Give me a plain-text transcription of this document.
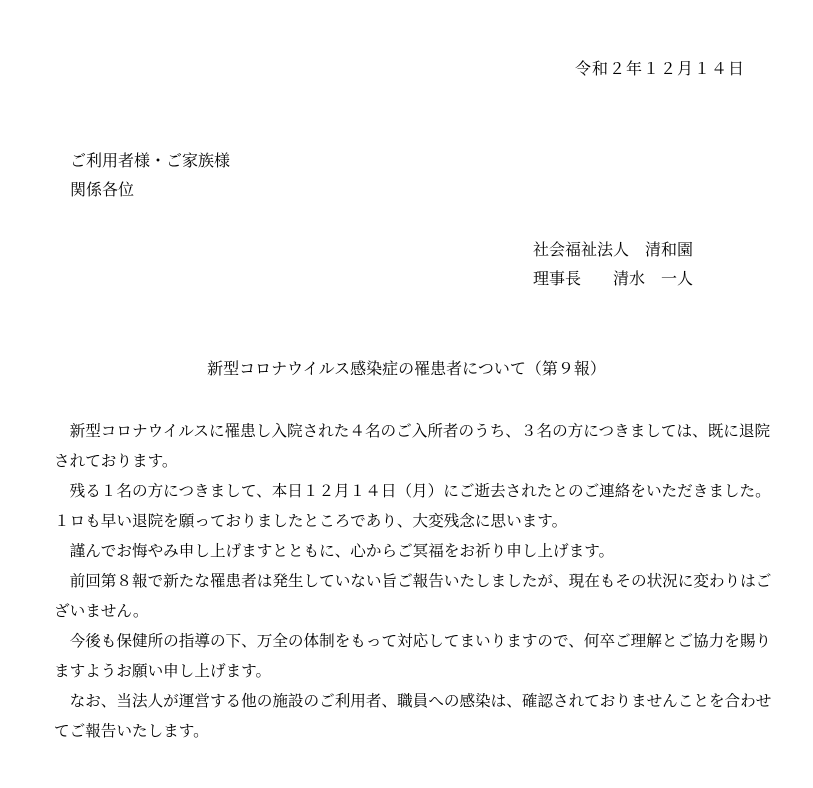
令和２年１２月１４日
ご利用者様・ご家族様
関係各位
社会福祉法人　清和園
理事長　　清水　一人
新型コロナウイルス感染症の罹患者について（第９報）

新型コロナウイルスに罹患し入院された４名のご入所者のうち、３名の方につきましては、既に退院されております。

残る１名の方につきまして、本日１２月１４日（月）にご逝去されたとのご連絡をいただきました。１ロも早い退院を願っておりましたところであり、大変残念に思います。

謹んでお悔やみ申し上げますとともに、心からご冥福をお祈り申し上げます。

前回第８報で新たな罹患者は発生していない旨ご報告いたしましたが、現在もその状況に変わりはございません。

今後も保健所の指導の下、万全の体制をもって対応してまいりますので、何卒ご理解とご協力を賜りますようお願い申し上げます。

なお、当法人が運営する他の施設のご利用者、職員への感染は、確認されておりませんことを合わせてご報告いたします。
